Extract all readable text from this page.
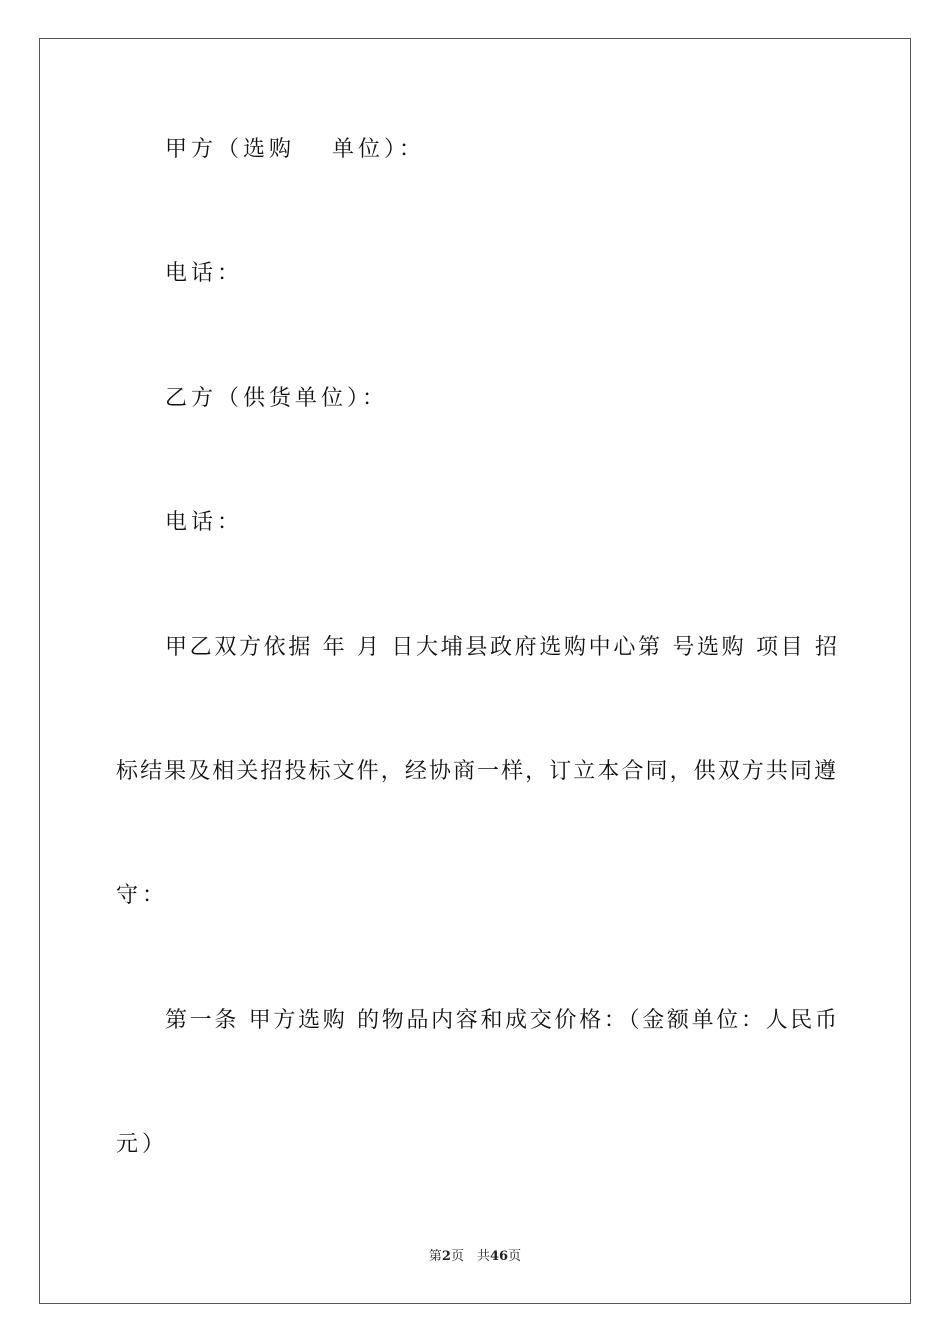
甲方（选购　 单位）：
电话：
乙方（供货单位）：
电话：
甲乙双方依据 年 月 日大埔县政府选购中心第 号选购 项目 招
标结果及相关招投标文件，经协商一样，订立本合同，供双方共同遵
守：
第一条 甲方选购 的物品内容和成交价格：（金额单位：人民币
元）
第2页  共46页
